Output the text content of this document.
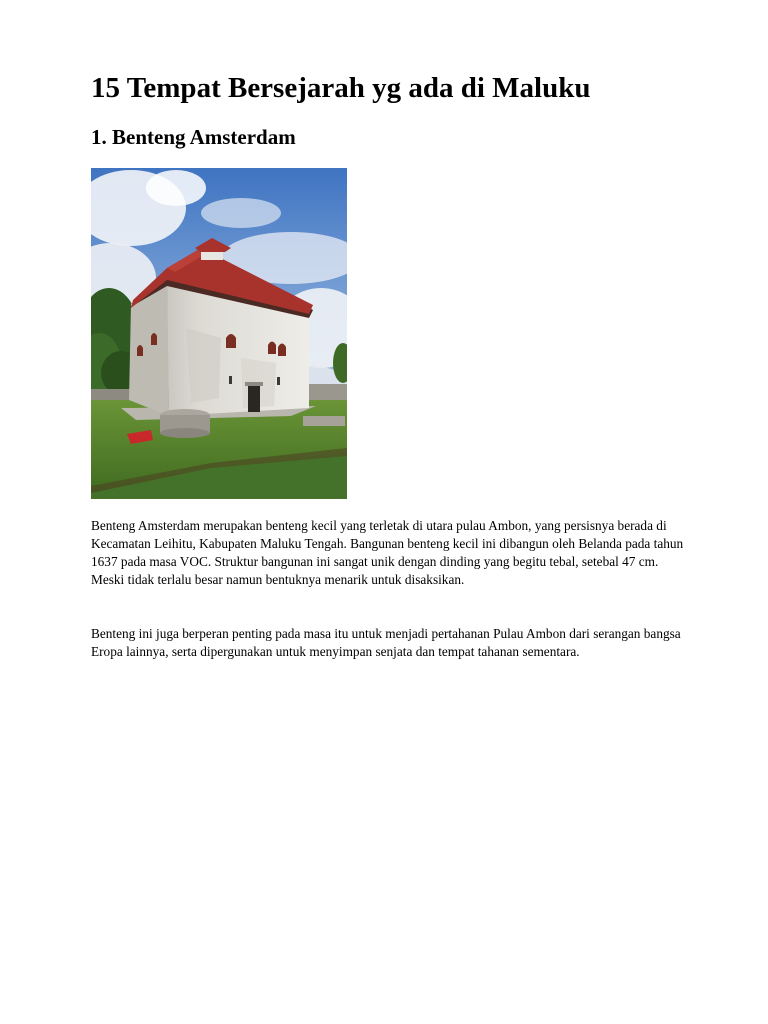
15 Tempat Bersejarah yg ada di Maluku
1. Benteng Amsterdam

Benteng Amsterdam merupakan benteng kecil yang terletak di utara pulau Ambon, yang persisnya berada di Kecamatan Leihitu, Kabupaten Maluku Tengah. Bangunan benteng kecil ini dibangun oleh Belanda pada tahun 1637 pada masa VOC. Struktur bangunan ini sangat unik dengan dinding yang begitu tebal, setebal 47 cm. Meski tidak terlalu besar namun bentuknya menarik untuk disaksikan.

Benteng ini juga berperan penting pada masa itu untuk menjadi pertahanan Pulau Ambon dari serangan bangsa Eropa lainnya, serta dipergunakan untuk menyimpan senjata dan tempat tahanan sementara.
